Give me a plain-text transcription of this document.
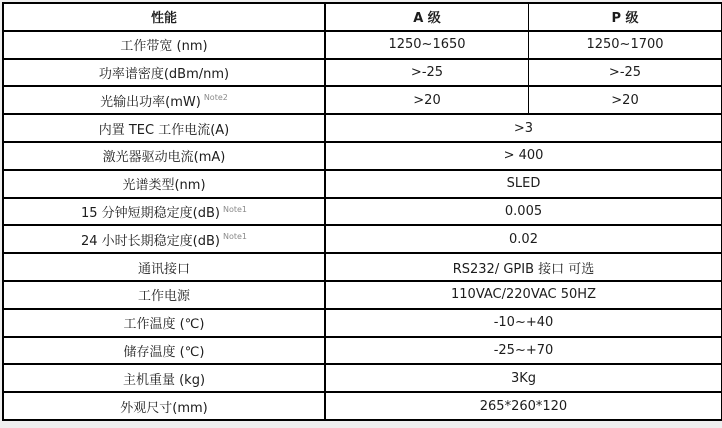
性能	A 级	P 级
工作带宽 (nm)	1250~1650	1250~1700
功率谱密度(dBm/nm)	>-25	>-25
光输出功率(mW) $^{Note2}$	>20	>20
内置 TEC 工作电流(A)	>3	
激光器驱动电流(mA)	> 400	
光谱类型(nm)	SLED	
15 分钟短期稳定度(dB) $^{Note1}$	0.005	
24 小时长期稳定度(dB) $^{Note1}$	0.02	
通讯接口	RS232/ GPIB 接口 可选	
工作电源	110VAC/220VAC 50HZ	
工作温度 (℃)	-10~+40	
储存温度 (℃)	-25~+70	
主机重量 (kg)	3Kg	
外观尺寸(mm)	265*260*120	
